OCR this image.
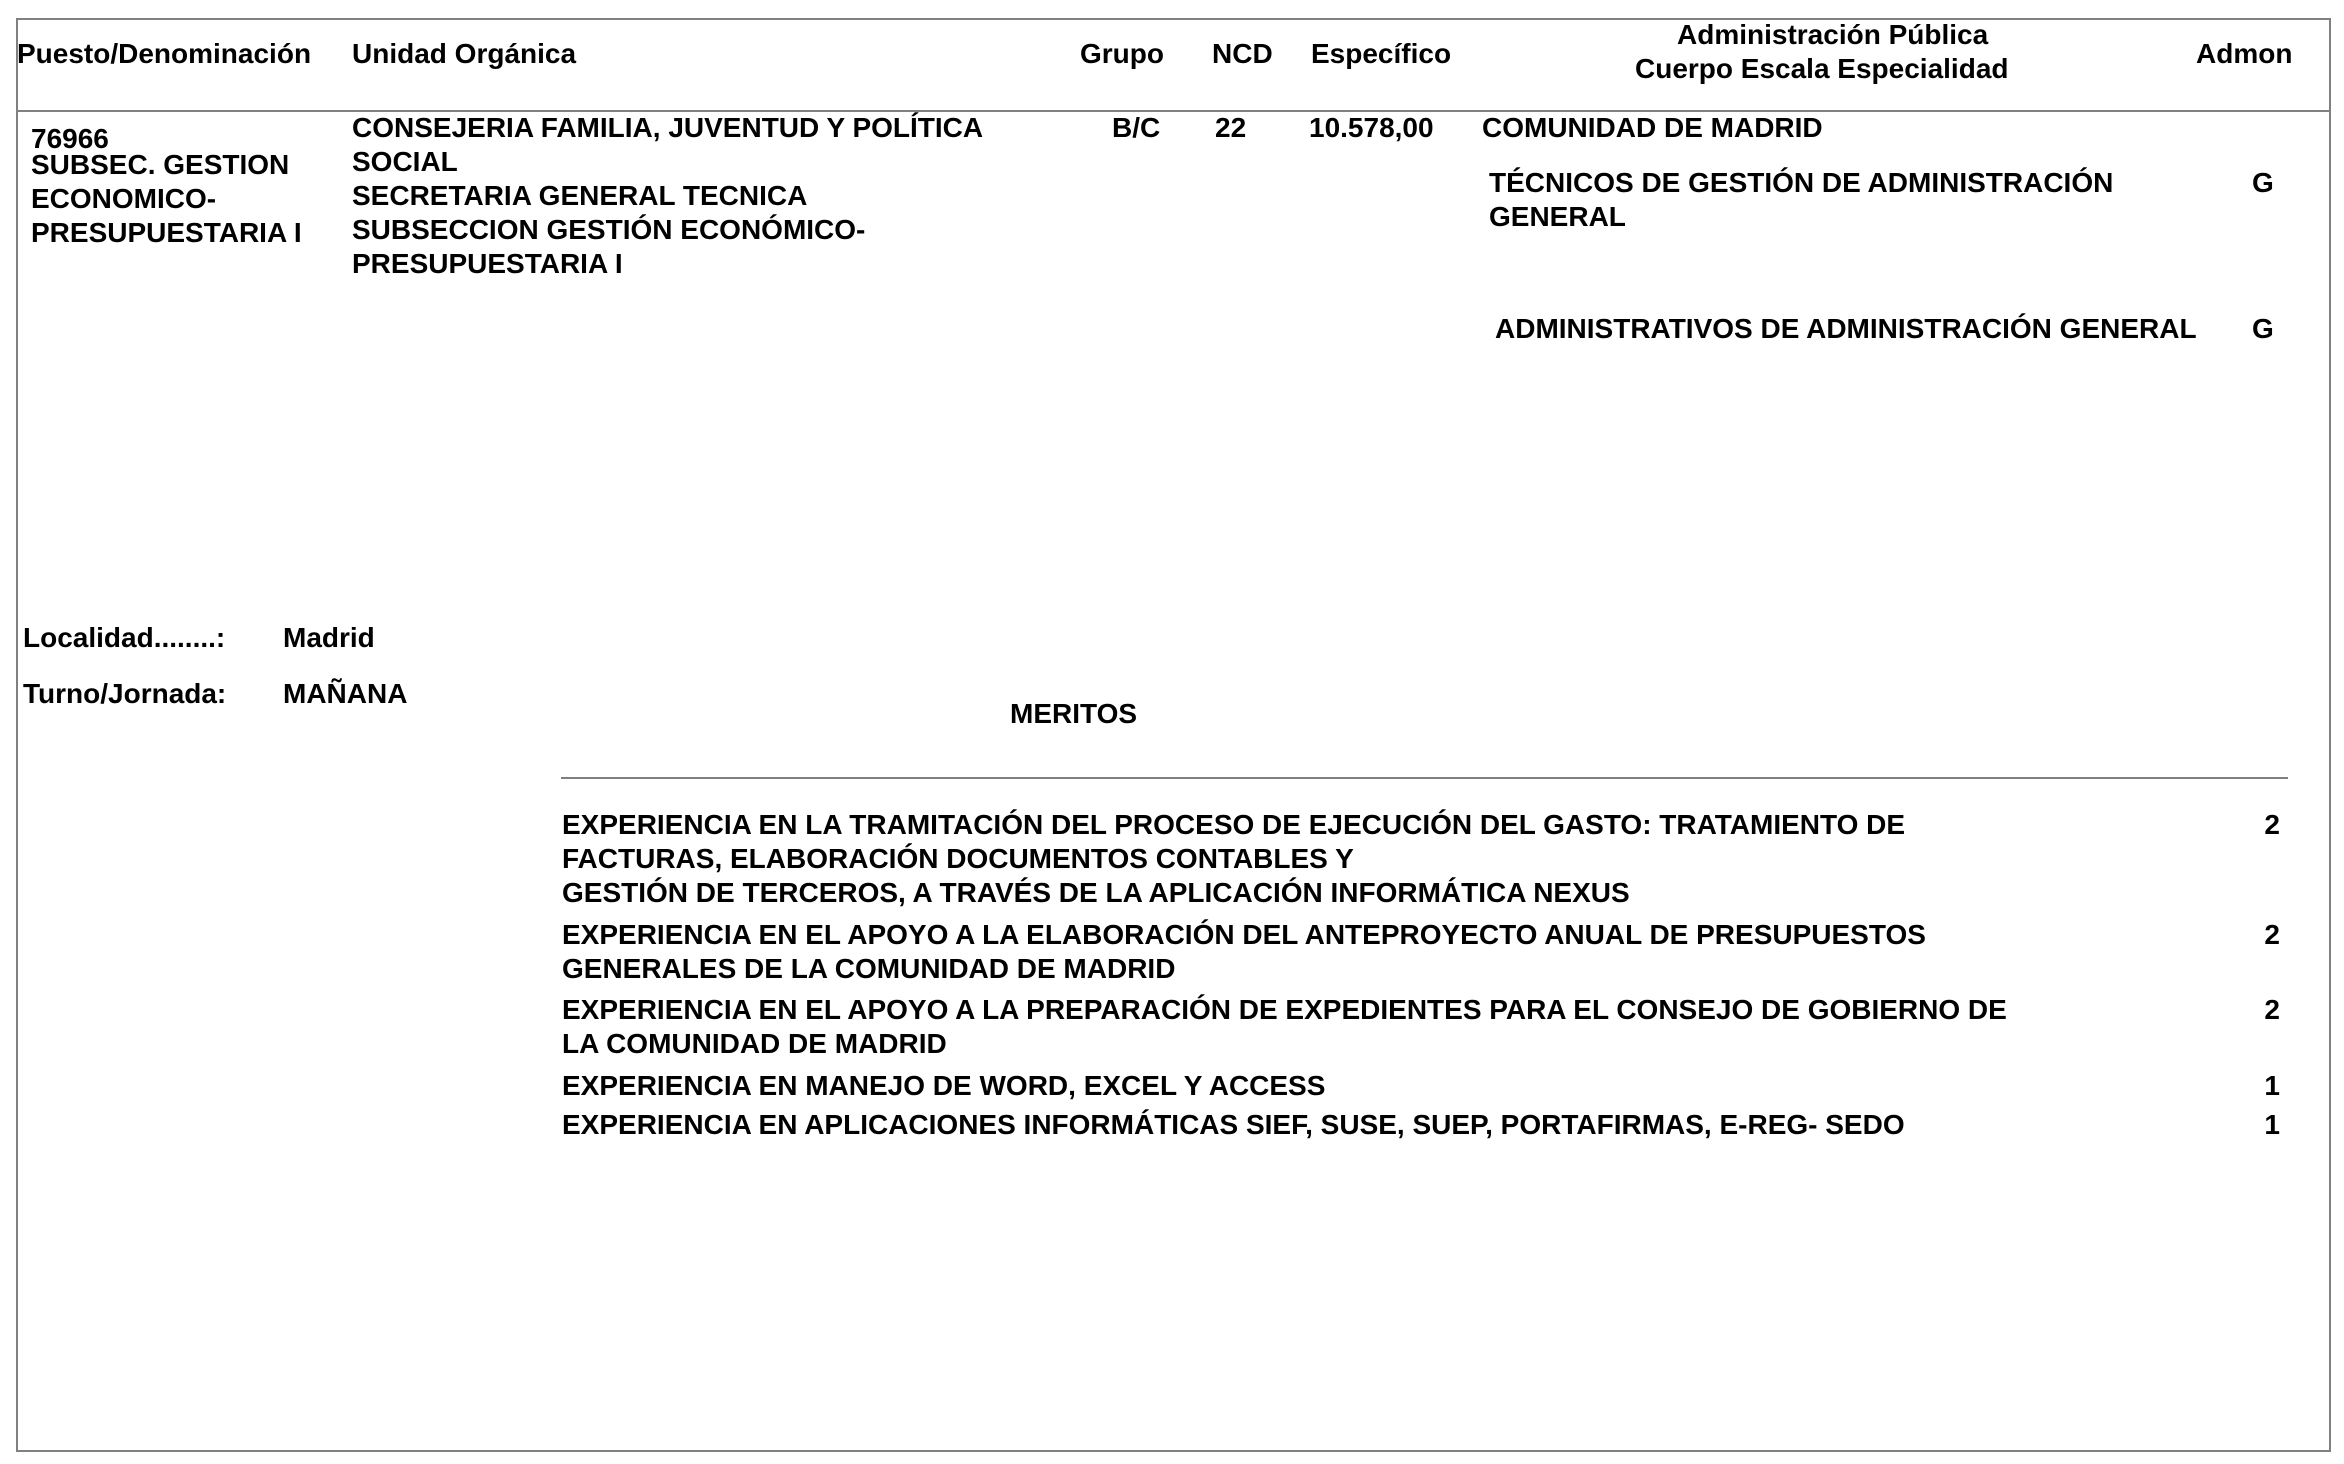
Puesto/Denominación Unidad Orgánica	Grupo NCD Específico
Administración Pública
Cuerpo Escala Especialidad	Admon
76966
SUBSEC. GESTION
ECONOMICO-
PRESUPUESTARIA I
CONSEJERIA FAMILIA, JUVENTUD Y POLÍTICA
SOCIAL
SECRETARIA GENERAL TECNICA
SUBSECCION GESTIÓN ECONÓMICO-
PRESUPUESTARIA I
B/C 22 10.578,00 COMUNIDAD DE MADRID
TÉCNICOS DE GESTIÓN DE ADMINISTRACIÓN
GENERAL
G
ADMINISTRATIVOS DE ADMINISTRACIÓN GENERAL G
Localidad........: Madrid
Turno/Jornada: MAÑANA
MERITOS
EXPERIENCIA EN LA TRAMITACIÓN DEL PROCESO DE EJECUCIÓN DEL GASTO: TRATAMIENTO DE
FACTURAS, ELABORACIÓN DOCUMENTOS CONTABLES Y
GESTIÓN DE TERCEROS, A TRAVÉS DE LA APLICACIÓN INFORMÁTICA NEXUS
2
EXPERIENCIA EN EL APOYO A LA ELABORACIÓN DEL ANTEPROYECTO ANUAL DE PRESUPUESTOS
GENERALES DE LA COMUNIDAD DE MADRID
2
EXPERIENCIA EN EL APOYO A LA PREPARACIÓN DE EXPEDIENTES PARA EL CONSEJO DE GOBIERNO DE
LA COMUNIDAD DE MADRID
2
EXPERIENCIA EN MANEJO DE WORD, EXCEL Y ACCESS	1
EXPERIENCIA EN APLICACIONES INFORMÁTICAS SIEF, SUSE, SUEP, PORTAFIRMAS, E-REG- SEDO	1
